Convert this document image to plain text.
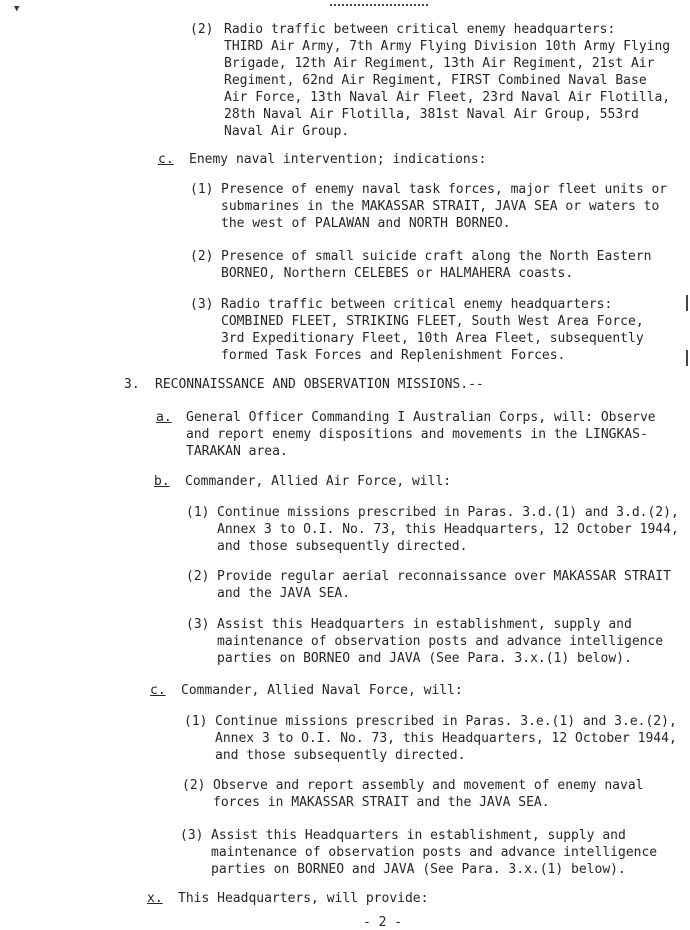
▼
(2) Radio traffic between critical enemy headquarters:
THIRD Air Army, 7th Army Flying Division 10th Army Flying
Brigade, 12th Air Regiment, 13th Air Regiment, 21st Air
Regiment, 62nd Air Regiment, FIRST Combined Naval Base
Air Force, 13th Naval Air Fleet, 23rd Naval Air Flotilla,
28th Naval Air Flotilla, 381st Naval Air Group, 553rd
Naval Air Group.
c. Enemy naval intervention; indications:
(1) Presence of enemy naval task forces, major fleet units or
submarines in the MAKASSAR STRAIT, JAVA SEA or waters to
the west of PALAWAN and NORTH BORNEO.
(2) Presence of small suicide craft along the North Eastern
BORNEO, Northern CELEBES or HALMAHERA coasts.
(3) Radio traffic between critical enemy headquarters:
COMBINED FLEET, STRIKING FLEET, South West Area Force,
3rd Expeditionary Fleet, 10th Area Fleet, subsequently
formed Task Forces and Replenishment Forces.
3. RECONNAISSANCE AND OBSERVATION MISSIONS.--
a. General Officer Commanding I Australian Corps, will: Observe
and report enemy dispositions and movements in the LINGKAS-
TARAKAN area.
b. Commander, Allied Air Force, will:
(1) Continue missions prescribed in Paras. 3.d.(1) and 3.d.(2),
Annex 3 to O.I. No. 73, this Headquarters, 12 October 1944,
and those subsequently directed.
(2) Provide regular aerial reconnaissance over MAKASSAR STRAIT
and the JAVA SEA.
(3) Assist this Headquarters in establishment, supply and
maintenance of observation posts and advance intelligence
parties on BORNEO and JAVA (See Para. 3.x.(1) below).
c. Commander, Allied Naval Force, will:
(1) Continue missions prescribed in Paras. 3.e.(1) and 3.e.(2),
Annex 3 to O.I. No. 73, this Headquarters, 12 October 1944,
and those subsequently directed.
(2) Observe and report assembly and movement of enemy naval
forces in MAKASSAR STRAIT and the JAVA SEA.
(3) Assist this Headquarters in establishment, supply and
maintenance of observation posts and advance intelligence
parties on BORNEO and JAVA (See Para. 3.x.(1) below).
x. This Headquarters, will provide:
- 2 -
